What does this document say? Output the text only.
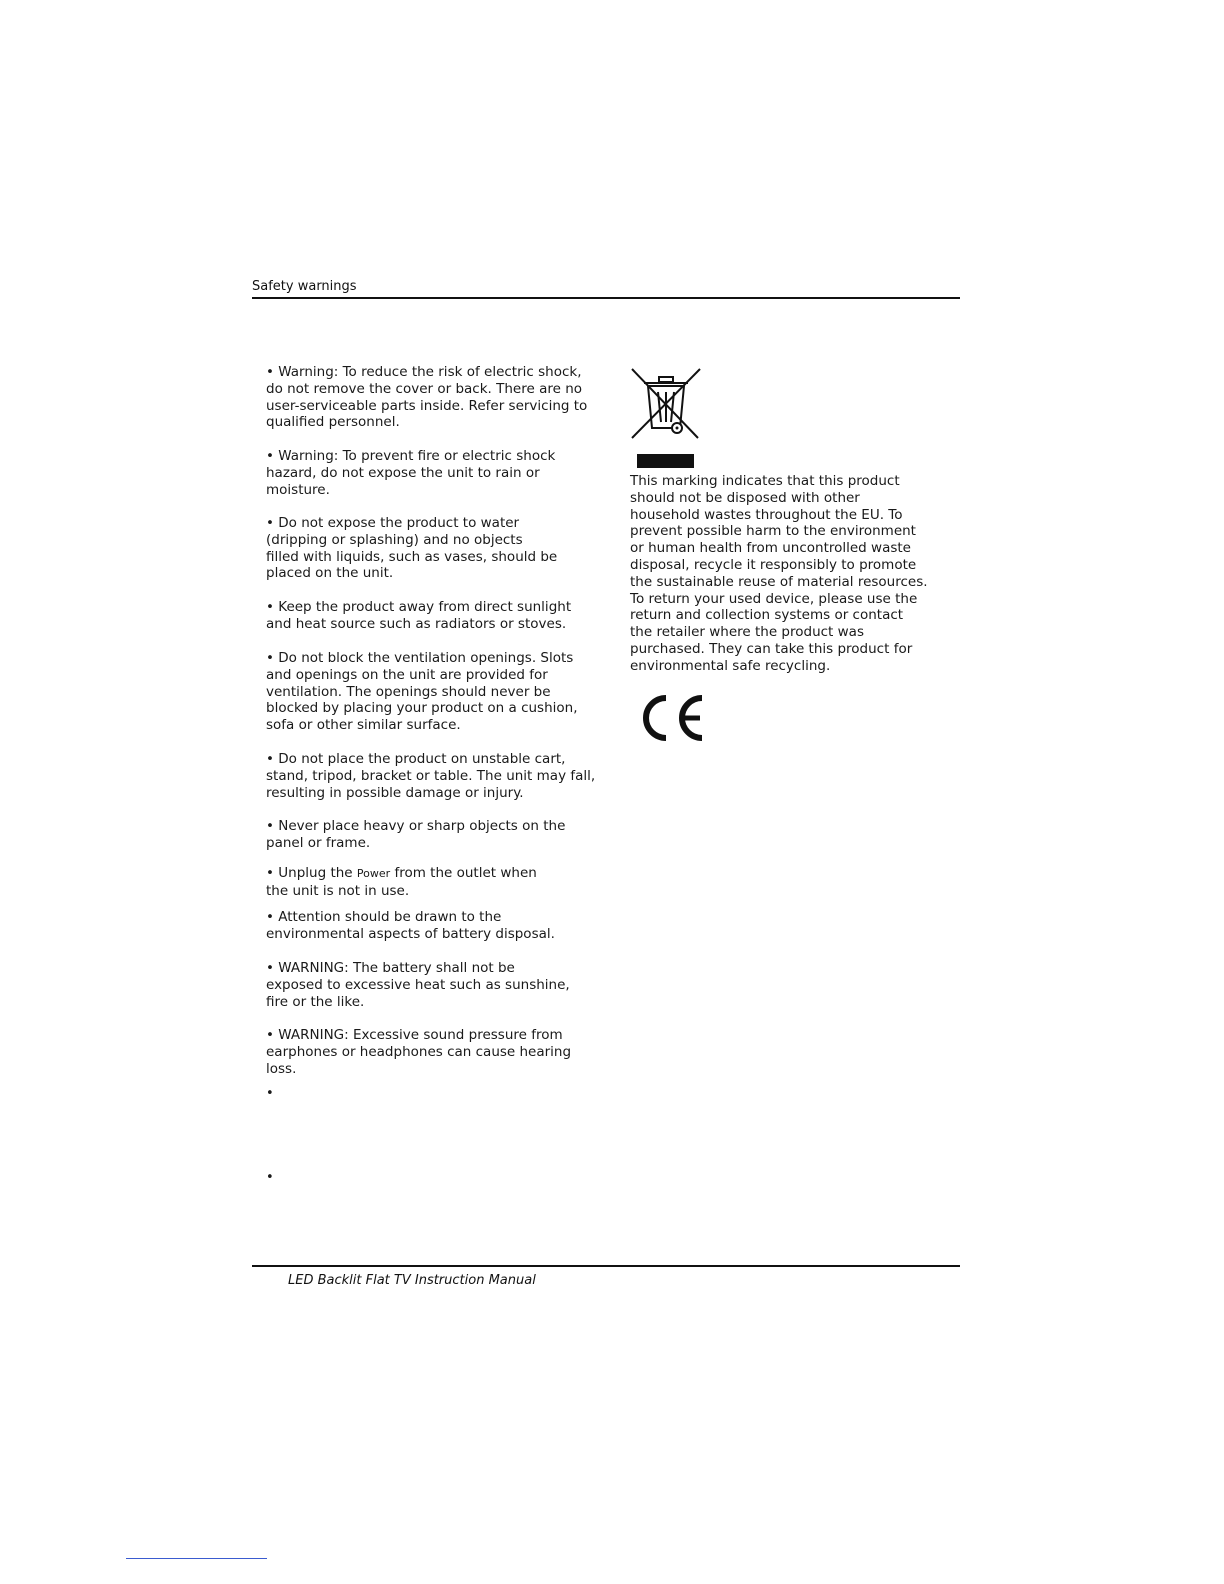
Safety warnings
• Warning: To reduce the risk of electric shock,
do not remove the cover or back. There are no
user-serviceable parts inside. Refer servicing to
qualified personnel.
• Warning: To prevent fire or electric shock
hazard, do not expose the unit to rain or
moisture.
• Do not expose the product to water
(dripping or splashing) and no objects
filled with liquids, such as vases, should be
placed on the unit.
• Keep the product away from direct sunlight
and heat source such as radiators or stoves.
• Do not block the ventilation openings. Slots
and openings on the unit are provided for
ventilation. The openings should never be
blocked by placing your product on a cushion,
sofa or other similar surface.
• Do not place the product on unstable cart,
stand, tripod, bracket or table. The unit may fall,
resulting in possible damage or injury.
• Never place heavy or sharp objects on the
panel or frame.
• Unplug the Power from the outlet when
the unit is not in use.
• Attention should be drawn to the
environmental aspects of battery disposal.
• WARNING: The battery shall not be
exposed to excessive heat such as sunshine,
fire or the like.
• WARNING: Excessive sound pressure from
earphones or headphones can cause hearing
loss.
•
•
This marking indicates that this product
should not be disposed with other
household wastes throughout the EU. To
prevent possible harm to the environment
or human health from uncontrolled waste
disposal, recycle it responsibly to promote
the sustainable reuse of material resources.
To return your used device, please use the
return and collection systems or contact
the retailer where the product was
purchased. They can take this product for
environmental safe recycling.
LED Backlit Flat TV Instruction Manual
